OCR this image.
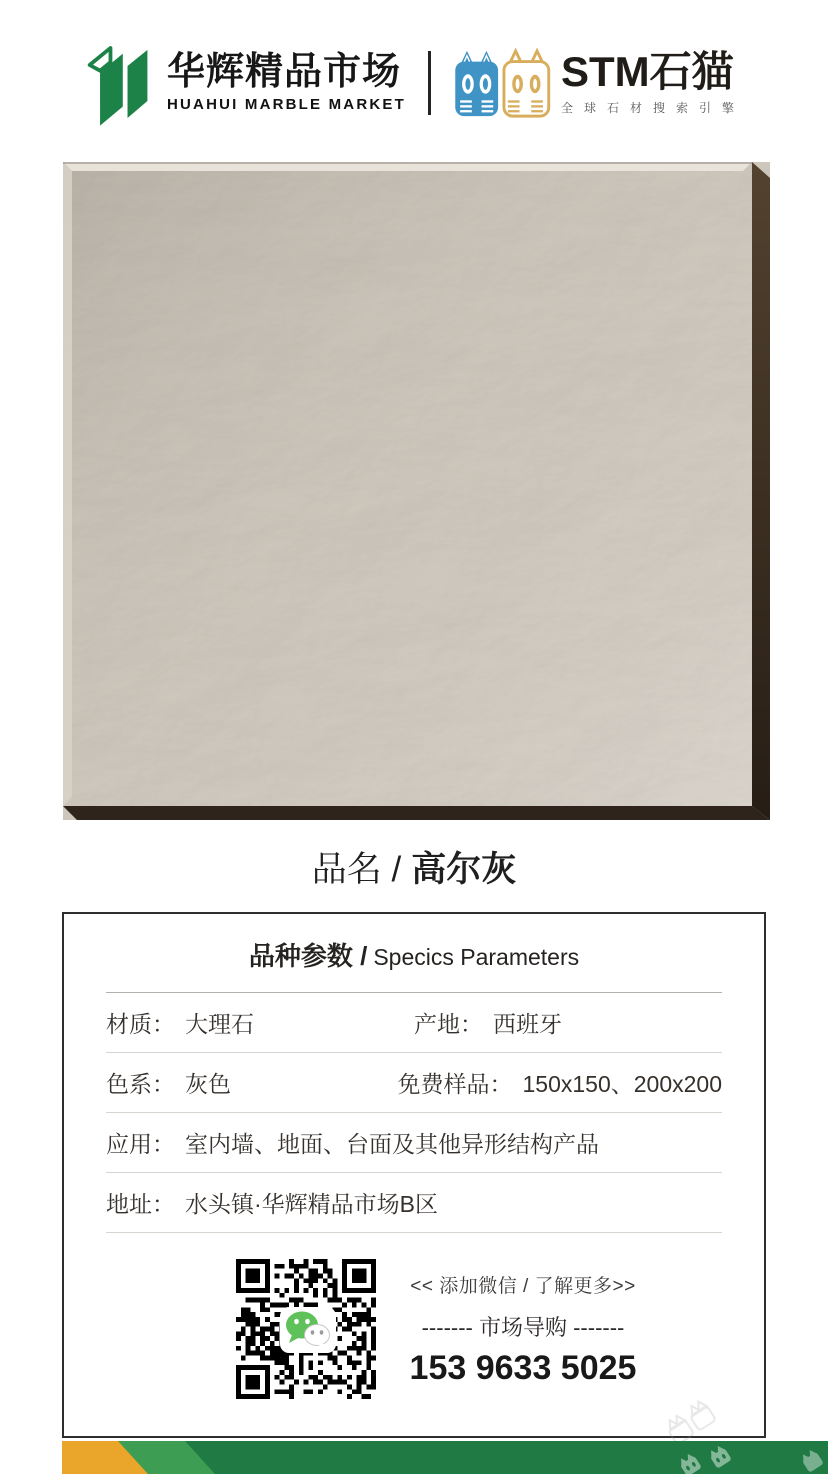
华辉精品市场
HUAHUI MARBLE MARKET
STM石猫
全球石材搜索引擎
品名 / 高尔灰
品种参数 / Specics Parameters
材质： 大理石	产地： 西班牙
色系： 灰色	免费样品： 150x150、200x200
应用： 室内墙、地面、台面及其他异形结构产品
地址： 水头镇·华辉精品市场B区
<< 添加微信 / 了解更多>>
------- 市场导购 -------
153 9633 5025
